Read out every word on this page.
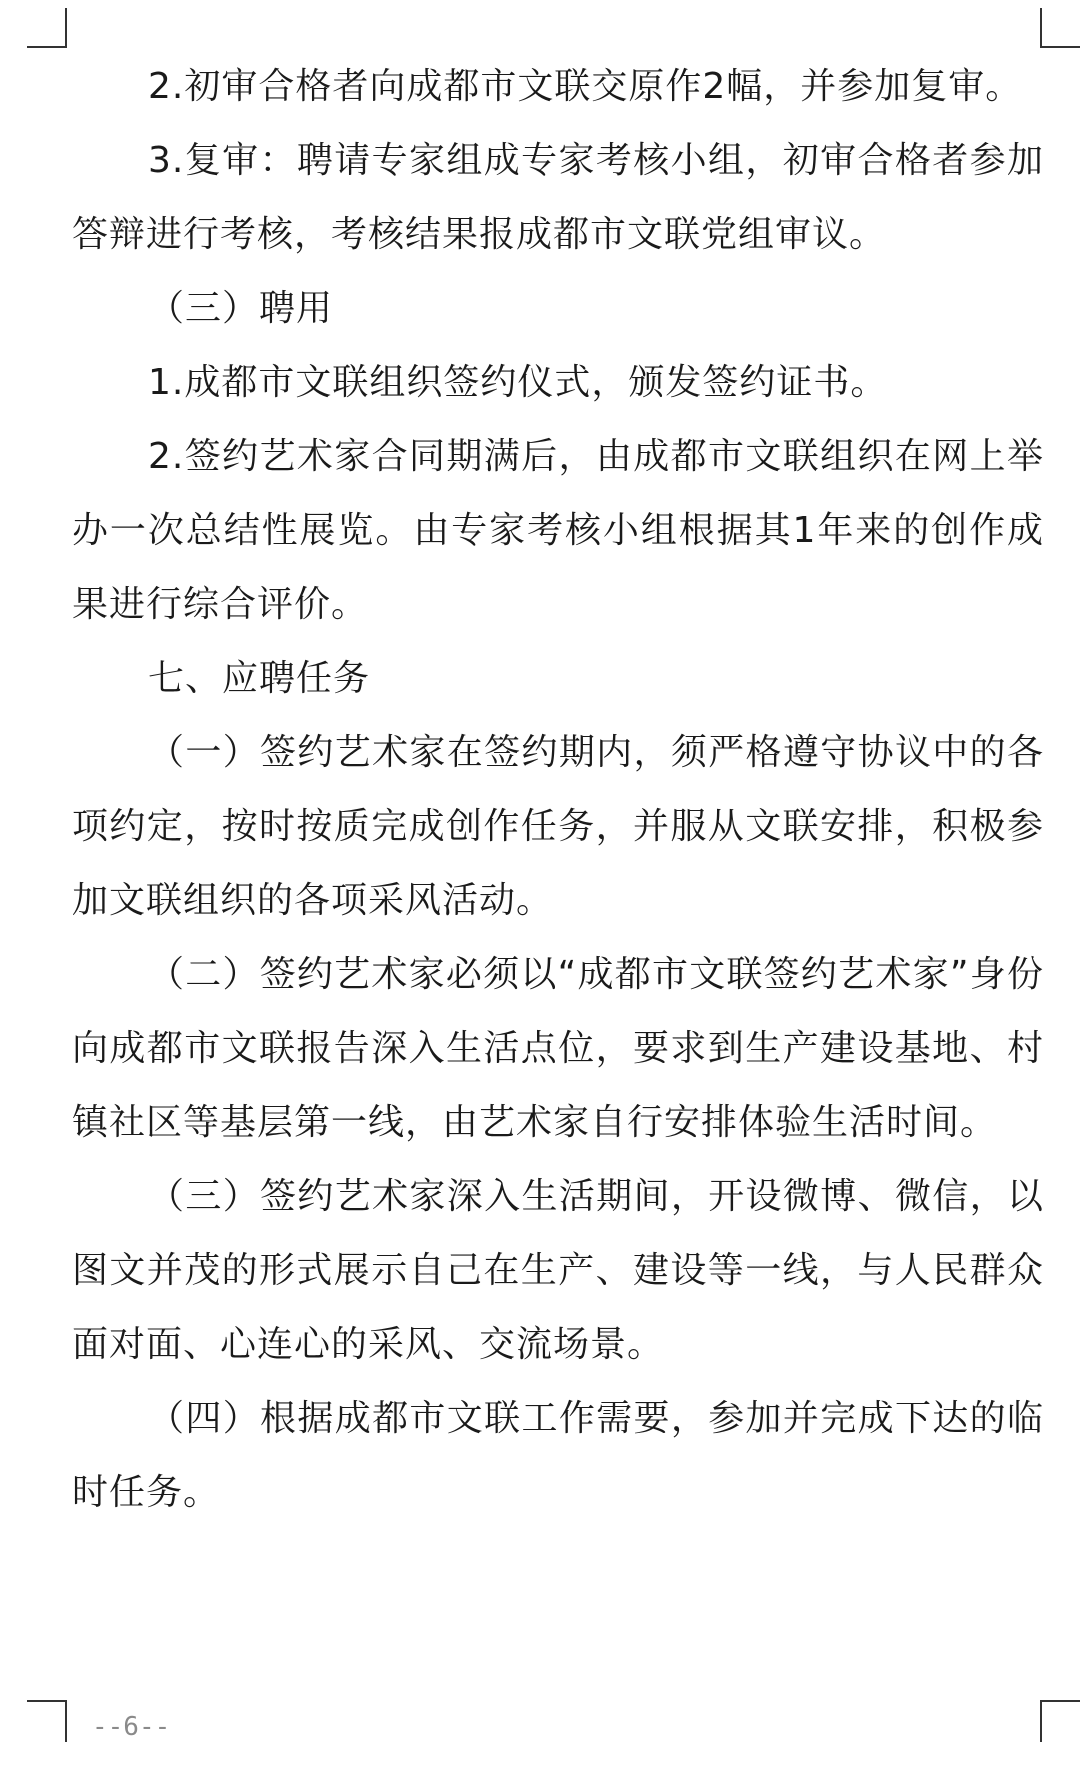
2.初审合格者向成都市文联交原作2幅，并参加复审。

3.复审：聘请专家组成专家考核小组，初审合格者参加答辩进行考核，考核结果报成都市文联党组审议。

（三）聘用

1.成都市文联组织签约仪式，颁发签约证书。

2.签约艺术家合同期满后，由成都市文联组织在网上举办一次总结性展览。由专家考核小组根据其1年来的创作成果进行综合评价。

七、应聘任务

（一）签约艺术家在签约期内，须严格遵守协议中的各项约定，按时按质完成创作任务，并服从文联安排，积极参加文联组织的各项采风活动。

（二）签约艺术家必须以“成都市文联签约艺术家”身份向成都市文联报告深入生活点位，要求到生产建设基地、村镇社区等基层第一线，由艺术家自行安排体验生活时间。

（三）签约艺术家深入生活期间，开设微博、微信，以图文并茂的形式展示自己在生产、建设等一线，与人民群众面对面、心连心的采风、交流场景。

（四）根据成都市文联工作需要，参加并完成下达的临时任务。

--6--
